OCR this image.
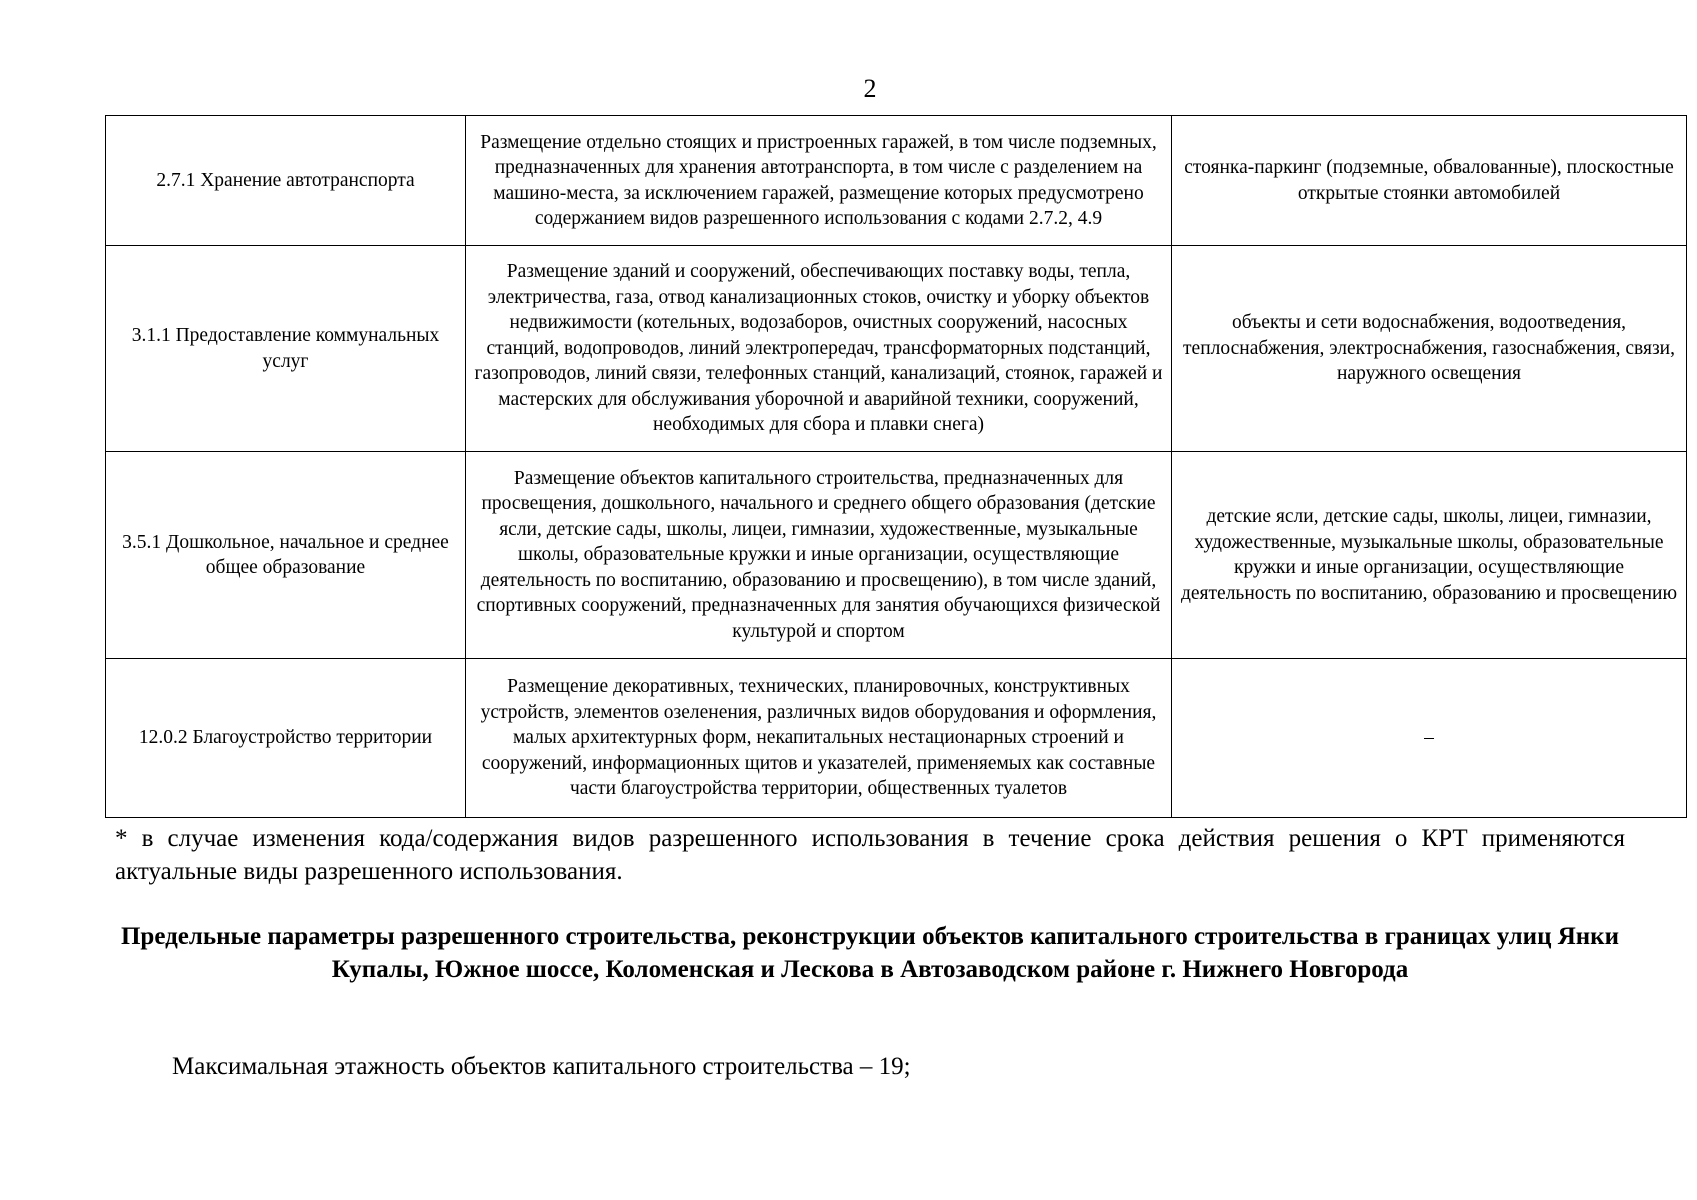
2
2.7.1 Хранение автотранспорта	Размещение отдельно стоящих и пристроенных гаражей, в том числе подземных, предназначенных для хранения автотранспорта, в том числе с разделением на машино-места, за исключением гаражей, размещение которых предусмотрено содержанием видов разрешенного использования с кодами 2.7.2, 4.9	стоянка-паркинг (подземные, обвалованные), плоскостные открытые стоянки автомобилей
3.1.1 Предоставление коммунальных услуг	Размещение зданий и сооружений, обеспечивающих поставку воды, тепла, электричества, газа, отвод канализационных стоков, очистку и уборку объектов недвижимости (котельных, водозаборов, очистных сооружений, насосных станций, водопроводов, линий электропередач, трансформаторных подстанций, газопроводов, линий связи, телефонных станций, канализаций, стоянок, гаражей и мастерских для обслуживания уборочной и аварийной техники, сооружений, необходимых для сбора и плавки снега)	объекты и сети водоснабжения, водоотведения, теплоснабжения, электроснабжения, газоснабжения, связи, наружного освещения
3.5.1 Дошкольное, начальное и среднее общее образование	Размещение объектов капитального строительства, предназначенных для просвещения, дошкольного, начального и среднего общего образования (детские ясли, детские сады, школы, лицеи, гимназии, художественные, музыкальные школы, образовательные кружки и иные организации, осуществляющие деятельность по воспитанию, образованию и просвещению), в том числе зданий, спортивных сооружений, предназначенных для занятия обучающихся физической культурой и спортом	детские ясли, детские сады, школы, лицеи, гимназии, художественные, музыкальные школы, образовательные кружки и иные организации, осуществляющие деятельность по воспитанию, образованию и просвещению
12.0.2 Благоустройство территории	Размещение декоративных, технических, планировочных, конструктивных устройств, элементов озеленения, различных видов оборудования и оформления, малых архитектурных форм, некапитальных нестационарных строений и сооружений, информационных щитов и указателей, применяемых как составные части благоустройства территории, общественных туалетов	–
* в случае изменения кода/содержания видов разрешенного использования в течение срока действия решения о КРТ применяются актуальные виды разрешенного использования.
Предельные параметры разрешенного строительства, реконструкции объектов капитального строительства в границах улиц Янки Купалы, Южное шоссе, Коломенская и Лескова в Автозаводском районе г. Нижнего Новгорода
Максимальная этажность объектов капитального строительства – 19;
